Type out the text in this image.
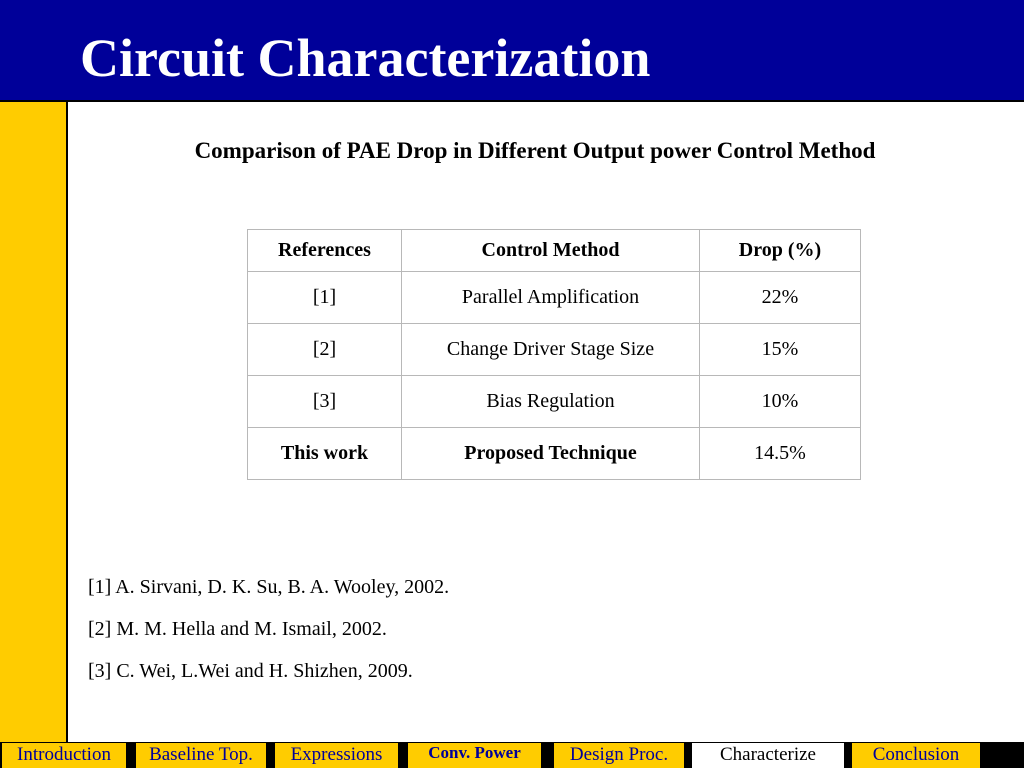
Circuit Characterization
Comparison of PAE Drop in Different Output power Control Method
References	Control Method	Drop (%)
[1]	Parallel Amplification	22%
[2]	Change Driver Stage Size	15%
[3]	Bias Regulation	10%
This work	Proposed Technique	14.5%
[1] A. Sirvani, D. K. Su, B. A. Wooley, 2002.
[2] M. M. Hella and M. Ismail, 2002.
[3] C. Wei, L.Wei and H. Shizhen, 2009.
Introduction	Baseline Top.	Expressions	Conv. Power	Design Proc.	Characterize	Conclusion	19
